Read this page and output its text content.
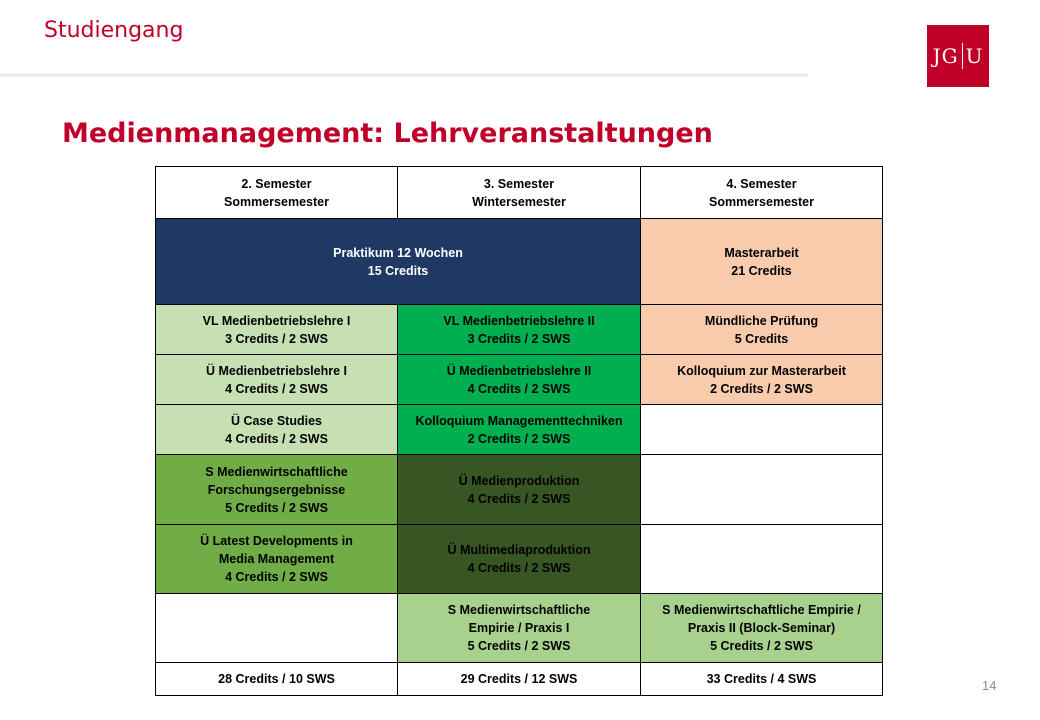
Studiengang
JG U
Medienmanagement: Lehrveranstaltungen
2. Semester
Sommersemester	3. Semester
Wintersemester	4. Semester
Sommersemester

Praktikum 12 Wochen
15 Credits		Masterarbeit
21 Credits

VL Medienbetriebslehre I
3 Credits / 2 SWS	VL Medienbetriebslehre II
3 Credits / 2 SWS	Mündliche Prüfung
5 Credits

Ü Medienbetriebslehre I
4 Credits / 2 SWS	Ü Medienbetriebslehre II
4 Credits / 2 SWS	Kolloquium zur Masterarbeit
2 Credits / 2 SWS

Ü Case Studies
4 Credits / 2 SWS	Kolloquium Managementtechniken
2 Credits / 2 SWS	

S Medienwirtschaftliche
Forschungsergebnisse
5 Credits / 2 SWS	Ü Medienproduktion
4 Credits / 2 SWS	

Ü Latest Developments in
Media Management
4 Credits / 2 SWS	Ü Multimediaproduktion
4 Credits / 2 SWS	

	S Medienwirtschaftliche
Empirie / Praxis I
5 Credits / 2 SWS	S Medienwirtschaftliche Empirie /
Praxis II (Block-Seminar)
5 Credits / 2 SWS

28 Credits / 10 SWS	29 Credits / 12 SWS	33 Credits / 4 SWS	14
